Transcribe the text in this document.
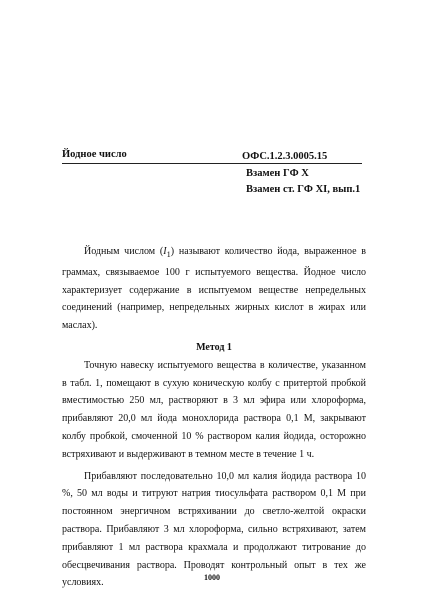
Йодное число	ОФС.1.2.3.0005.15
Взамен ГФ X
Взамен ст. ГФ XI, вып.1

Йодным числом $(I_1)$ называют количество йода, выраженное в граммах, связываемое 100 г испытуемого вещества. Йодное число характеризует содержание в испытуемом веществе непредельных соединений (например, непредельных жирных кислот в жирах или маслах).

Метод 1

Точную навеску испытуемого вещества в количестве, указанном в табл. 1, помещают в сухую коническую колбу с притертой пробкой вместимостью 250 мл, растворяют в 3 мл эфира или хлороформа, прибавляют 20,0 мл йода монохлорида раствора 0,1 М, закрывают колбу пробкой, смоченной 10 % раствором калия йодида, осторожно встряхивают и выдерживают в темном месте в течение 1 ч.

Прибавляют последовательно 10,0 мл калия йодида раствора 10 %, 50 мл воды и титруют натрия тиосульфата раствором 0,1 М при постоянном энергичном встряхивании до светло-желтой окраски раствора. Прибавляют 3 мл хлороформа, сильно встряхивают, затем прибавляют 1 мл раствора крахмала и продолжают титрование до обесцвечивания раствора. Проводят контрольный опыт в тех же условиях.	1000
